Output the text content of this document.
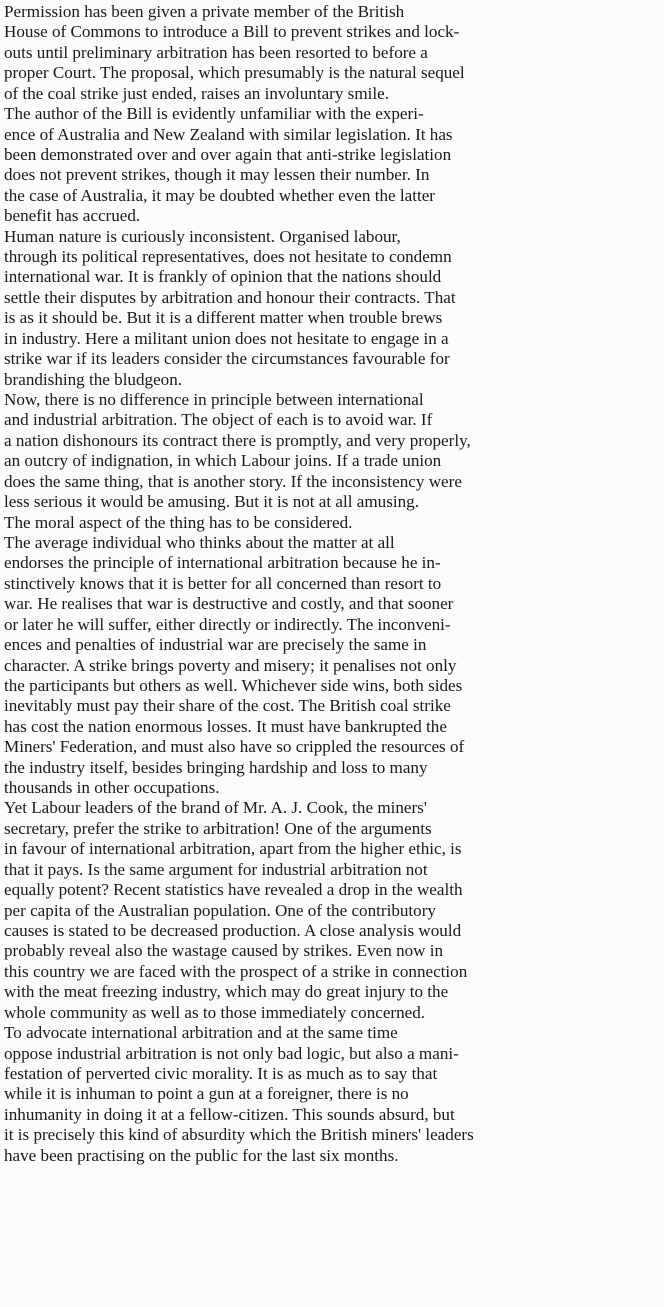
Permission has been given a private member of the British
House of Commons to introduce a Bill to prevent strikes and lock-
outs until preliminary arbitration has been resorted to before a
proper Court. The proposal, which presumably is the natural sequel
of the coal strike just ended, raises an involuntary smile.

The author of the Bill is evidently unfamiliar with the experi-
ence of Australia and New Zealand with similar legislation. It has
been demonstrated over and over again that anti-strike legislation
does not prevent strikes, though it may lessen their number. In
the case of Australia, it may be doubted whether even the latter
benefit has accrued.

Human nature is curiously inconsistent. Organised labour,
through its political representatives, does not hesitate to condemn
international war. It is frankly of opinion that the nations should
settle their disputes by arbitration and honour their contracts. That
is as it should be. But it is a different matter when trouble brews
in industry. Here a militant union does not hesitate to engage in a
strike war if its leaders consider the circumstances favourable for
brandishing the bludgeon.

Now, there is no difference in principle between international
and industrial arbitration. The object of each is to avoid war. If
a nation dishonours its contract there is promptly, and very properly,
an outcry of indignation, in which Labour joins. If a trade union
does the same thing, that is another story. If the inconsistency were
less serious it would be amusing. But it is not at all amusing.
The moral aspect of the thing has to be considered.

The average individual who thinks about the matter at all
endorses the principle of international arbitration because he in-
stinctively knows that it is better for all concerned than resort to
war. He realises that war is destructive and costly, and that sooner
or later he will suffer, either directly or indirectly. The inconveni-
ences and penalties of industrial war are precisely the same in
character. A strike brings poverty and misery; it penalises not only
the participants but others as well. Whichever side wins, both sides
inevitably must pay their share of the cost. The British coal strike
has cost the nation enormous losses. It must have bankrupted the
Miners' Federation, and must also have so crippled the resources of
the industry itself, besides bringing hardship and loss to many
thousands in other occupations.

Yet Labour leaders of the brand of Mr. A. J. Cook, the miners'
secretary, prefer the strike to arbitration! One of the arguments
in favour of international arbitration, apart from the higher ethic, is
that it pays. Is the same argument for industrial arbitration not
equally potent? Recent statistics have revealed a drop in the wealth
per capita of the Australian population. One of the contributory
causes is stated to be decreased production. A close analysis would
probably reveal also the wastage caused by strikes. Even now in
this country we are faced with the prospect of a strike in connection
with the meat freezing industry, which may do great injury to the
whole community as well as to those immediately concerned.

To advocate international arbitration and at the same time
oppose industrial arbitration is not only bad logic, but also a mani-
festation of perverted civic morality. It is as much as to say that
while it is inhuman to point a gun at a foreigner, there is no
inhumanity in doing it at a fellow-citizen. This sounds absurd, but
it is precisely this kind of absurdity which the British miners' leaders
have been practising on the public for the last six months.
